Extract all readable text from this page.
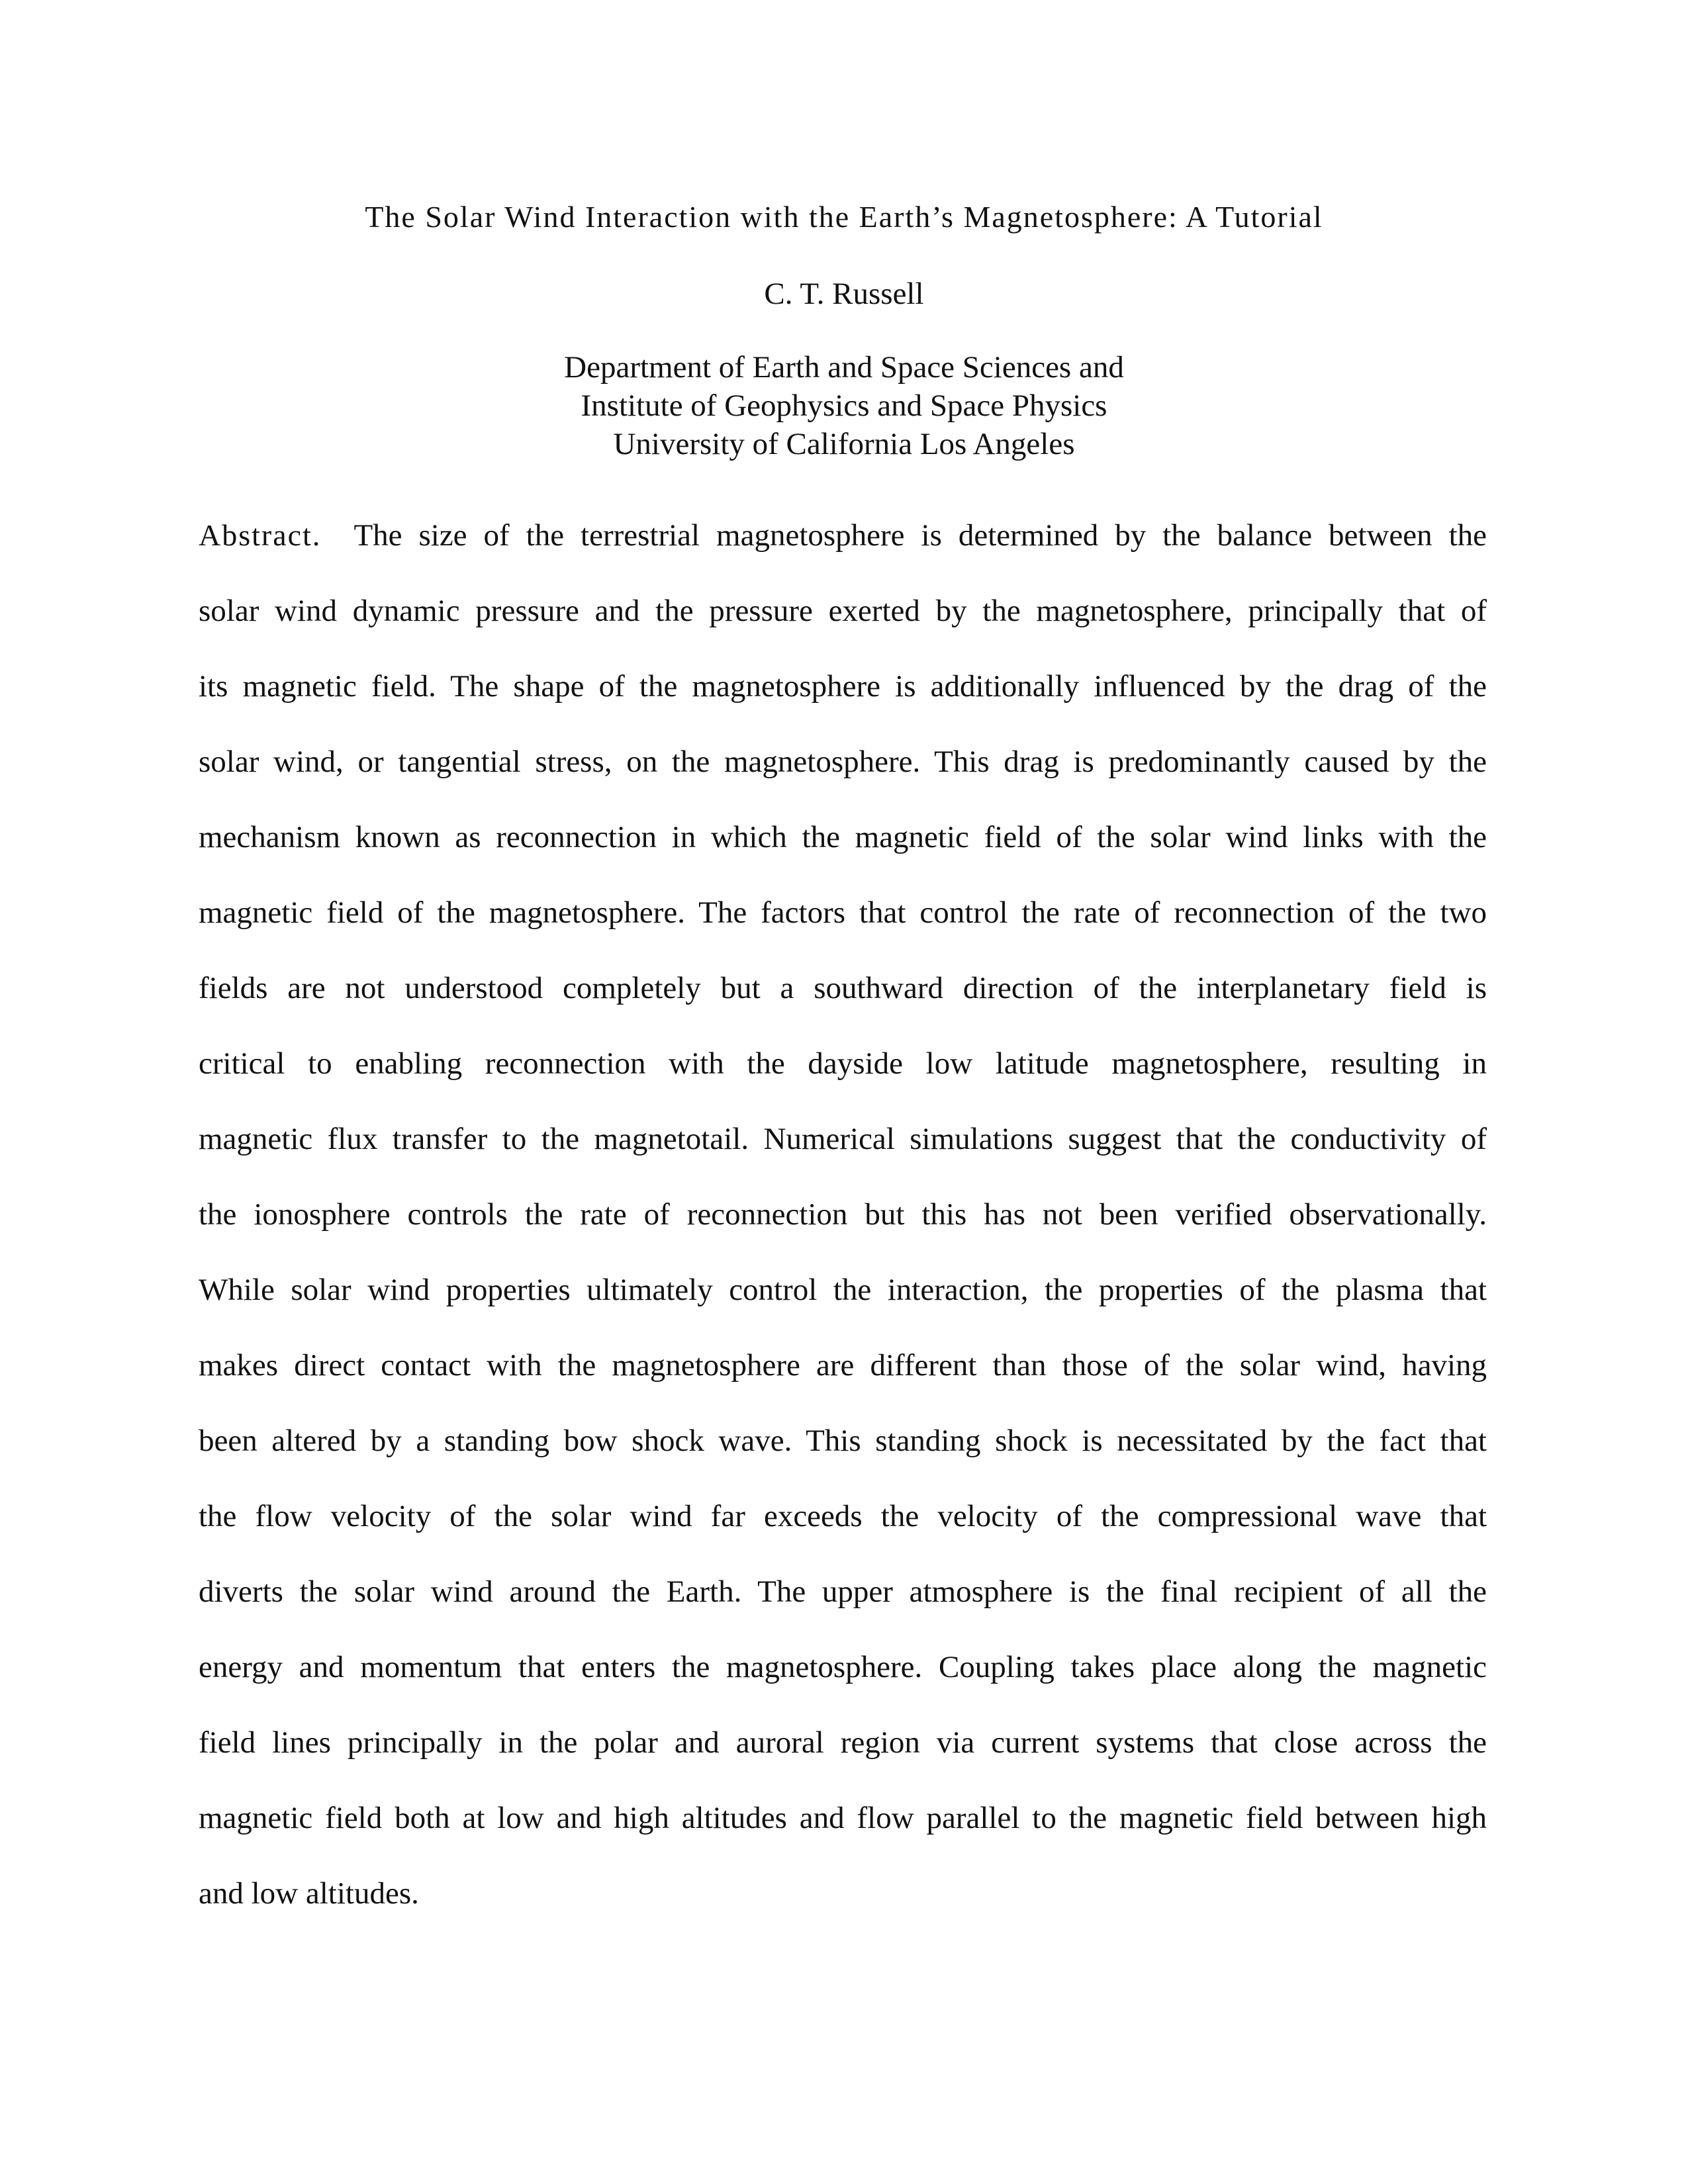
The Solar Wind Interaction with the Earth’s Magnetosphere: A Tutorial

C. T. Russell

Department of Earth and Space Sciences and
Institute of Geophysics and Space Physics
University of California Los Angeles
Abstract. The size of the terrestrial magnetosphere is determined by the balance between the
solar wind dynamic pressure and the pressure exerted by the magnetosphere, principally that of
its magnetic field. The shape of the magnetosphere is additionally influenced by the drag of the
solar wind, or tangential stress, on the magnetosphere. This drag is predominantly caused by the
mechanism known as reconnection in which the magnetic field of the solar wind links with the
magnetic field of the magnetosphere. The factors that control the rate of reconnection of the two
fields are not understood completely but a southward direction of the interplanetary field is
critical to enabling reconnection with the dayside low latitude magnetosphere, resulting in
magnetic flux transfer to the magnetotail. Numerical simulations suggest that the conductivity of
the ionosphere controls the rate of reconnection but this has not been verified observationally.
While solar wind properties ultimately control the interaction, the properties of the plasma that
makes direct contact with the magnetosphere are different than those of the solar wind, having
been altered by a standing bow shock wave. This standing shock is necessitated by the fact that
the flow velocity of the solar wind far exceeds the velocity of the compressional wave that
diverts the solar wind around the Earth. The upper atmosphere is the final recipient of all the
energy and momentum that enters the magnetosphere. Coupling takes place along the magnetic
field lines principally in the polar and auroral region via current systems that close across the
magnetic field both at low and high altitudes and flow parallel to the magnetic field between high
and low altitudes.
